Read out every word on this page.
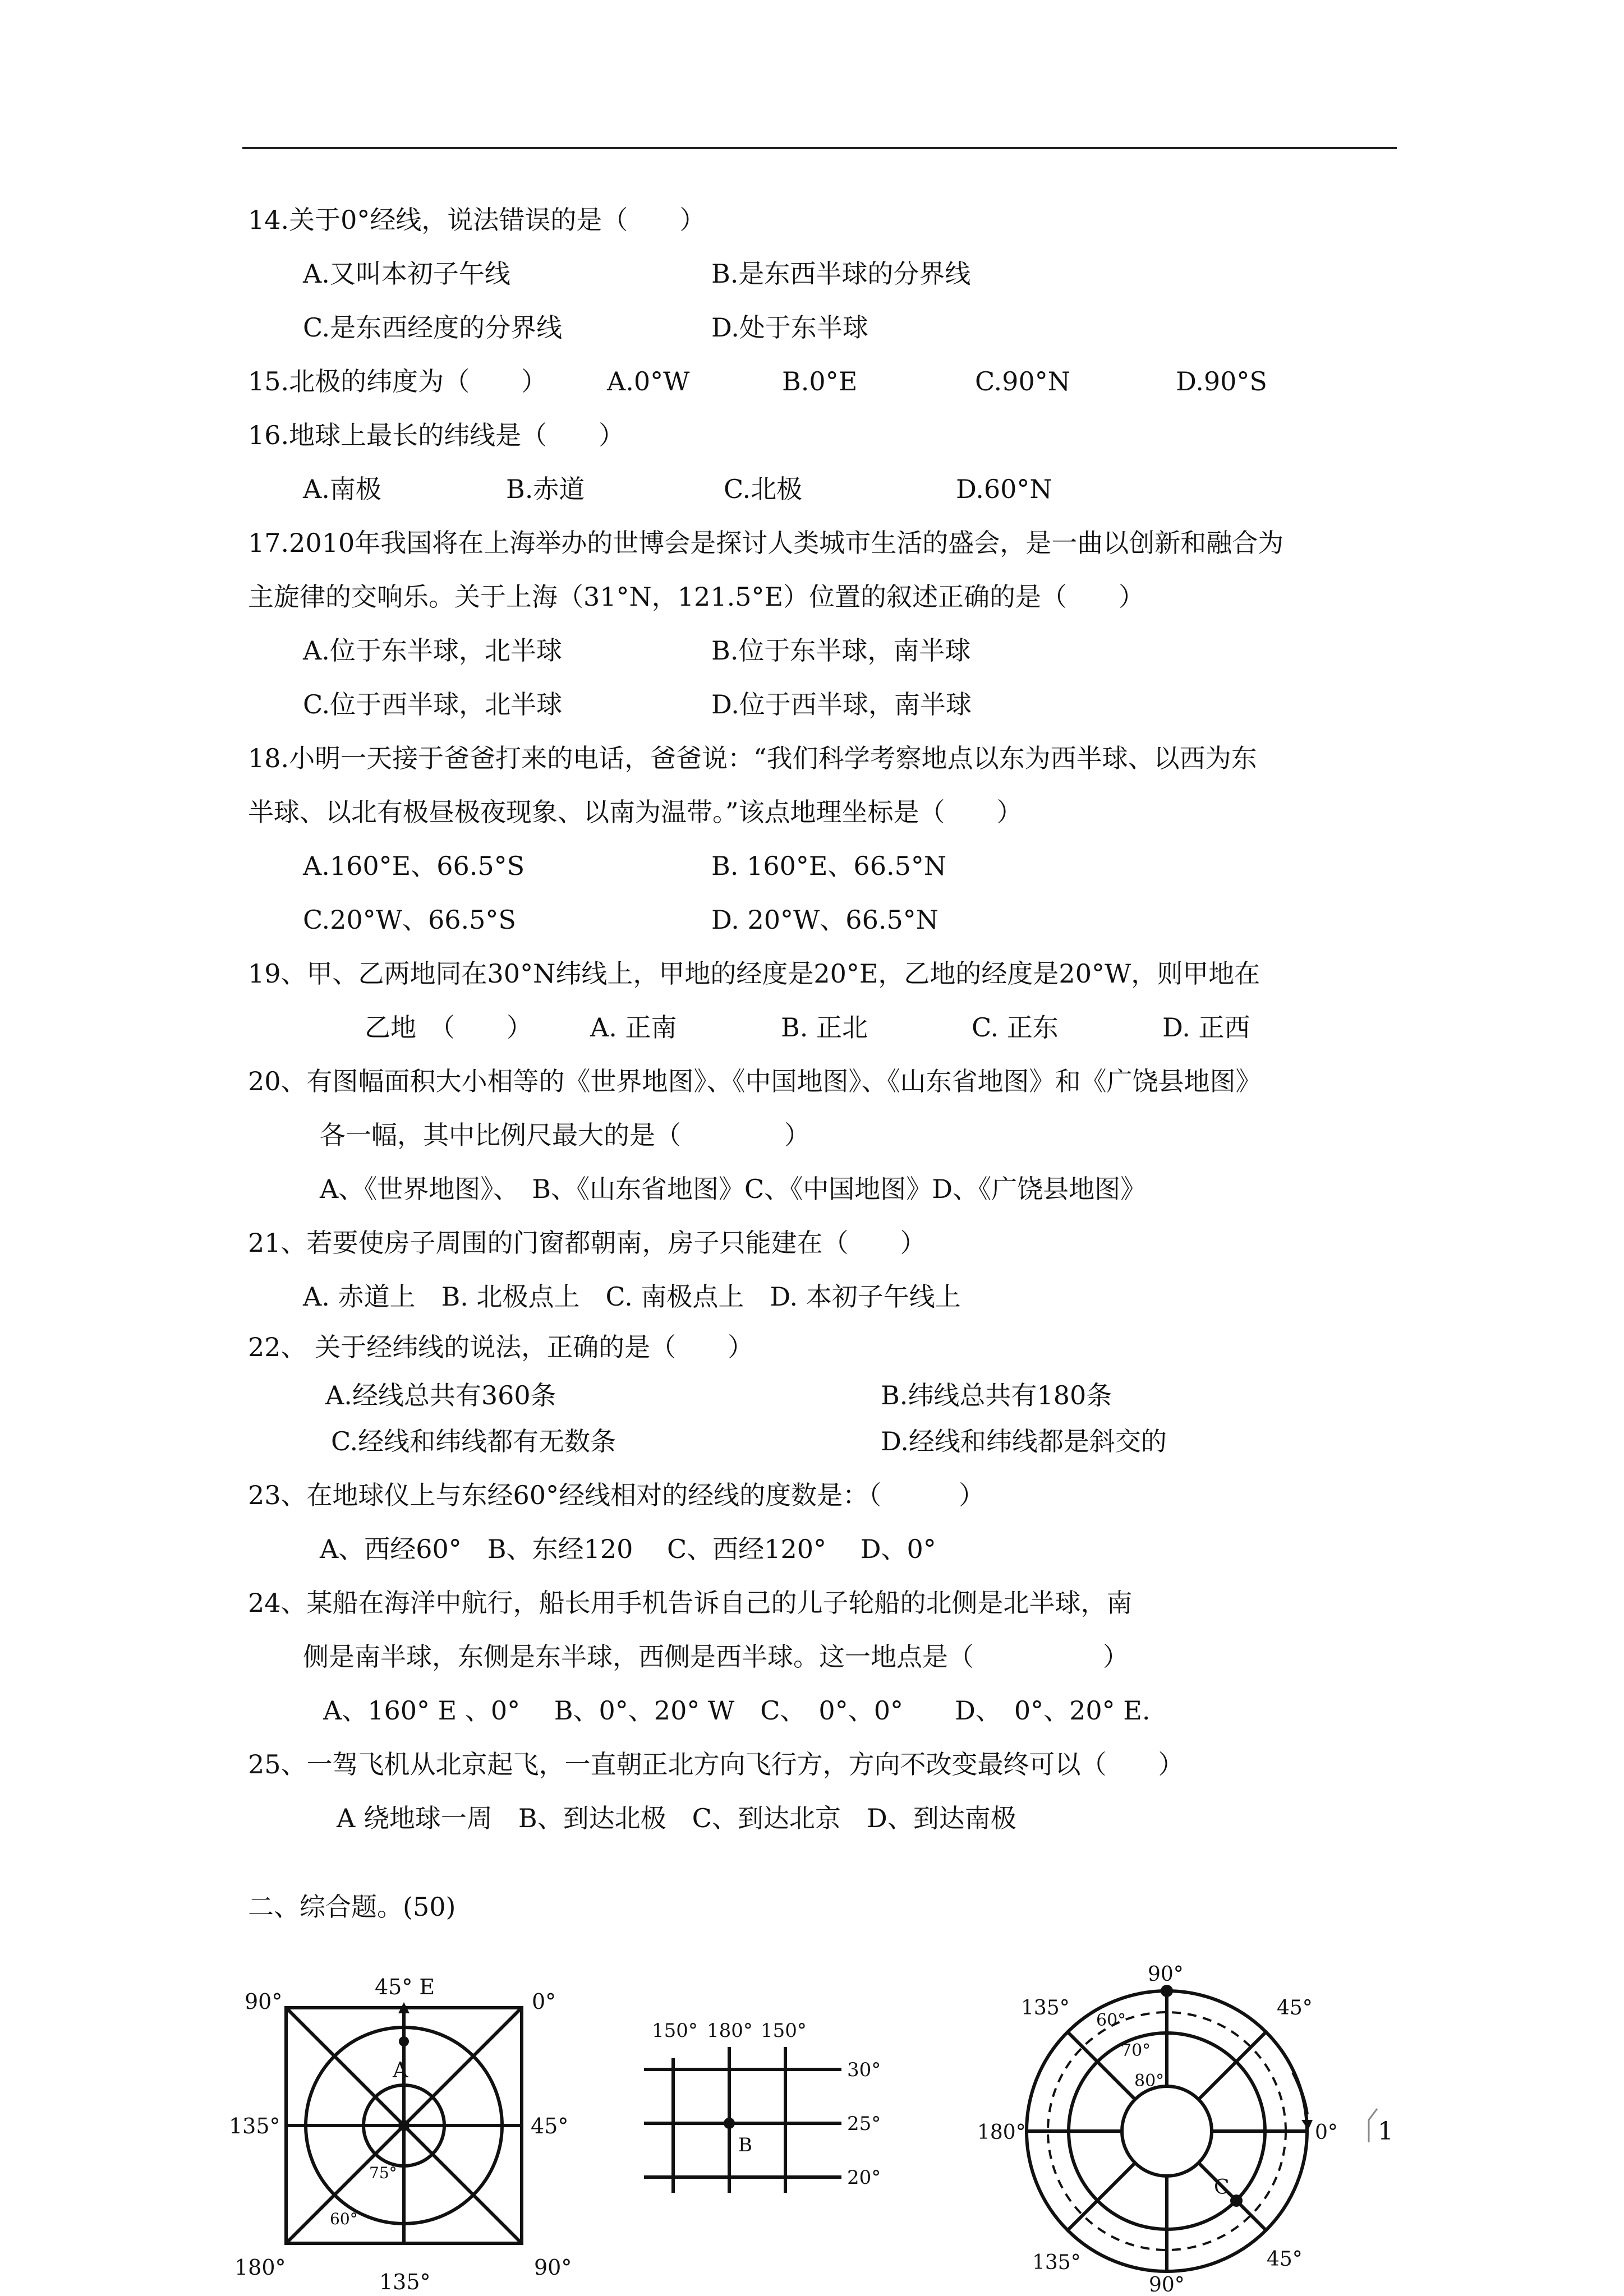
14.关于0°经线，说法错误的是（　　）
A.又叫本初子午线	B.是东西半球的分界线
C.是东西经度的分界线	D.处于东半球
15.北极的纬度为（　　） A.0°W	B.0°E	C.90°N	D.90°S
16.地球上最长的纬线是（　　）
A.南极	B.赤道	C.北极	D.60°N
17.2010年我国将在上海举办的世博会是探讨人类城市生活的盛会，是一曲以创新和融合为
主旋律的交响乐。关于上海（31°N，121.5°E）位置的叙述正确的是（　　）
A.位于东半球，北半球	B.位于东半球，南半球
C.位于西半球，北半球	D.位于西半球，南半球
18.小明一天接于爸爸打来的电话，爸爸说：“我们科学考察地点以东为西半球、以西为东
半球、以北有极昼极夜现象、以南为温带。”该点地理坐标是（　　）
A.160°E、66.5°S	B. 160°E、66.5°N
C.20°W、66.5°S	D. 20°W、66.5°N
19、甲、乙两地同在30°N纬线上，甲地的经度是20°E，乙地的经度是20°W，则甲地在
乙地　（　　） A. 正南	B. 正北	C. 正东	D. 正西
20、有图幅面积大小相等的《世界地图》、《中国地图》、《山东省地图》和《广饶县地图》
各一幅，其中比例尺最大的是（　　　　）
A、《世界地图》、　B、《山东省地图》C、《中国地图》D、《广饶县地图》
21、若要使房子周围的门窗都朝南，房子只能建在（　　）
A. 赤道上　B. 北极点上　C. 南极点上　D. 本初子午线上
22、 关于经纬线的说法，正确的是（　　）
A.经线总共有360条	B.纬线总共有180条
C.经线和纬线都有无数条	D.经线和纬线都是斜交的
23、在地球仪上与东经60°经线相对的经线的度数是：（　　　）
A、西经60°　B、东经120　 C、西经120°　 D、0°
24、某船在海洋中航行，船长用手机告诉自己的儿子轮船的北侧是北半球，南
侧是南半球，东侧是东半球，西侧是西半球。这一地点是（　　　　　）
A、160° E 、0°　 B、0°、20° W　C、　0°、0°　　D、　0°、20° E.
25、一驾飞机从北京起飞，一直朝正北方向飞行方，方向不改变最终可以（　　）
A 绕地球一周　B、到达北极　C、到达北京　D、到达南极
二、综合题。(50)
45° E
90°	0°
135°	45°
180°
135°
90°
A
75°
60°
150° 180° 150°
30°
25°
20°
B
90°
135°	45°
180°	0°
135°	45°
90°
C
60°
70°
80°
1
